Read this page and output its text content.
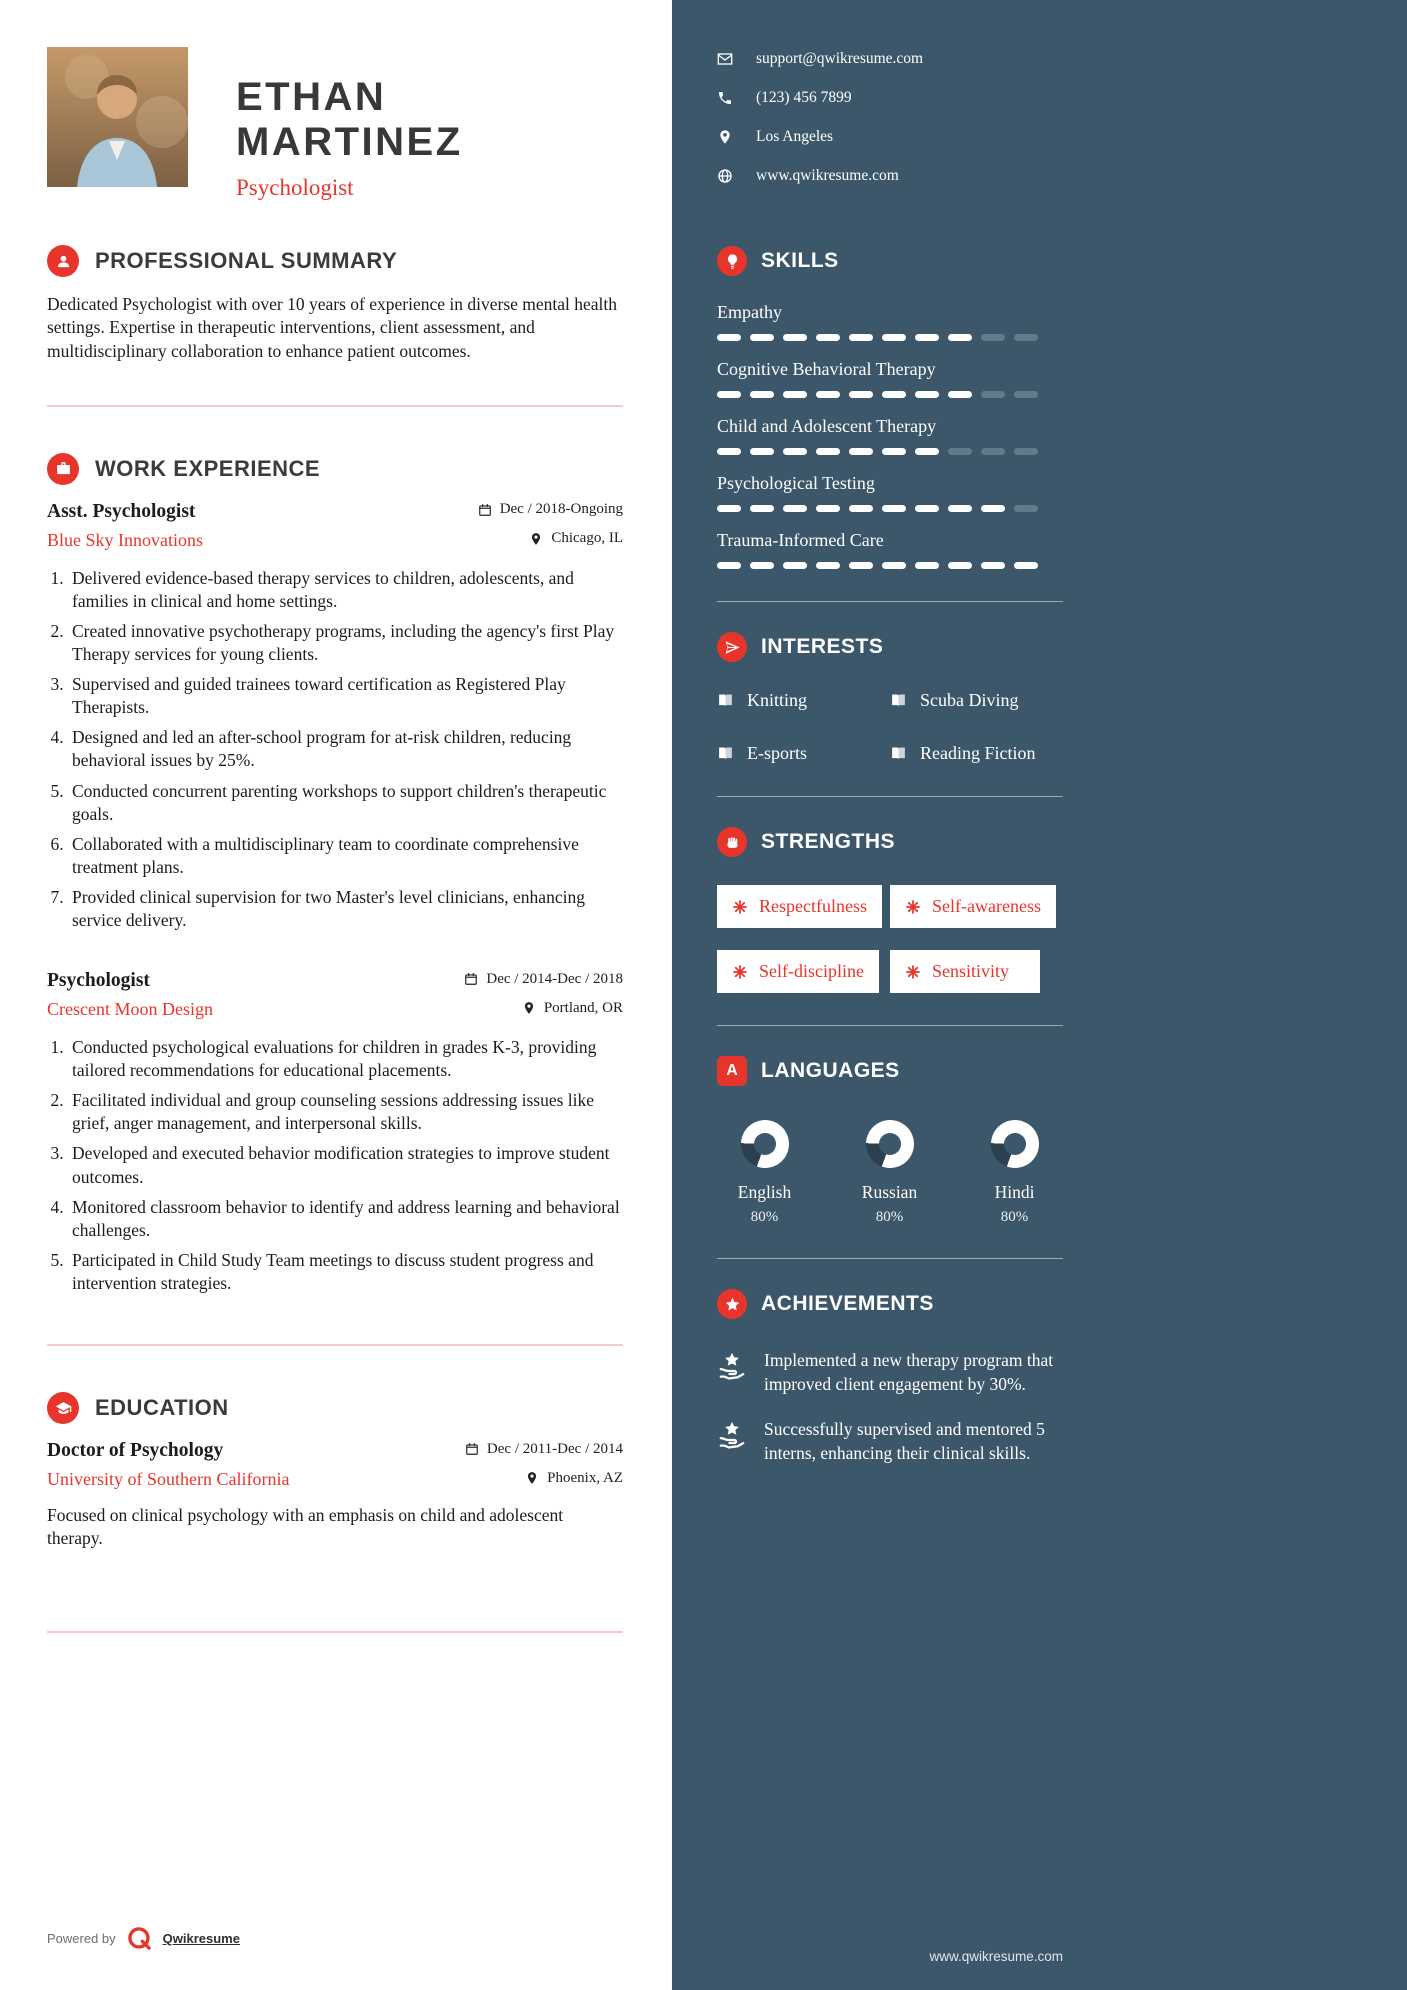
ETHAN MARTINEZ
Psychologist
PROFESSIONAL SUMMARY

Dedicated Psychologist with over 10 years of experience in diverse mental health settings. Expertise in therapeutic interventions, client assessment, and multidisciplinary collaboration to enhance patient outcomes.

WORK EXPERIENCE
Asst. Psychologist	Dec / 2018-Ongoing
Blue Sky Innovations	Chicago, IL
1. Delivered evidence-based therapy services to children, adolescents, and families in clinical and home settings.
2. Created innovative psychotherapy programs, including the agency's first Play Therapy services for young clients.
3. Supervised and guided trainees toward certification as Registered Play Therapists.
4. Designed and led an after-school program for at-risk children, reducing behavioral issues by 25%.
5. Conducted concurrent parenting workshops to support children's therapeutic goals.
6. Collaborated with a multidisciplinary team to coordinate comprehensive treatment plans.
7. Provided clinical supervision for two Master's level clinicians, enhancing service delivery.
Psychologist	Dec / 2014-Dec / 2018
Crescent Moon Design	Portland, OR
1. Conducted psychological evaluations for children in grades K-3, providing tailored recommendations for educational placements.
2. Facilitated individual and group counseling sessions addressing issues like grief, anger management, and interpersonal skills.
3. Developed and executed behavior modification strategies to improve student outcomes.
4. Monitored classroom behavior to identify and address learning and behavioral challenges.
5. Participated in Child Study Team meetings to discuss student progress and intervention strategies.
EDUCATION
Doctor of Psychology	Dec / 2011-Dec / 2014
University of Southern California	Phoenix, AZ

Focused on clinical psychology with an emphasis on child and adolescent therapy.

Powered by	Qwikresume
support@qwikresume.com
(123) 456 7899
Los Angeles
www.qwikresume.com
SKILLS
Empathy
Cognitive Behavioral Therapy
Child and Adolescent Therapy
Psychological Testing
Trauma-Informed Care
INTERESTS
Knitting	Scuba Diving
E-sports	Reading Fiction
STRENGTHS
Respectfulness	Self-awareness
Self-discipline	Sensitivity
A	LANGUAGES
English
80%
Russian
80%
Hindi
80%
ACHIEVEMENTS
Implemented a new therapy program that improved client engagement by 30%.
Successfully supervised and mentored 5 interns, enhancing their clinical skills.
www.qwikresume.com
